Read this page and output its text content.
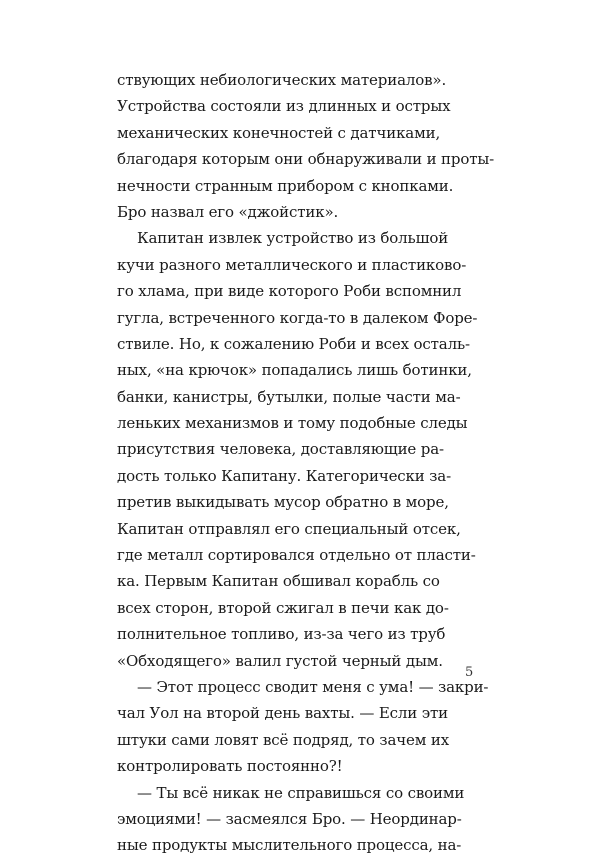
ствующих небиологических материалов».
Устройства состояли из длинных и острых
механических конечностей с датчиками,
благодаря которым они обнаруживали и проты-
нечности странным прибором с кнопками.
Бро назвал его «джойстик».
Капитан извлек устройство из большой
кучи разного металлического и пластиково-
го хлама, при виде которого Роби вспомнил
гугла, встреченного когда-то в далеком Форе-
ствиле. Но, к сожалению Роби и всех осталь-
ных, «на крючок» попадались лишь ботинки,
банки, канистры, бутылки, полые части ма-
леньких механизмов и тому подобные следы
присутствия человека, доставляющие ра-
дость только Капитану. Категорически за-
претив выкидывать мусор обратно в море,
Капитан отправлял его специальный отсек,
где металл сортировался отдельно от пласти-
ка. Первым Капитан обшивал корабль со
всех сторон, второй сжигал в печи как до-
полнительное топливо, из-за чего из труб
«Обходящего» валил густой черный дым.
— Этот процесс сводит меня с ума! — закри-
чал Уол на второй день вахты. — Если эти
штуки сами ловят всё подряд, то зачем их
контролировать постоянно?!
— Ты всё никак не справишься со своими
эмоциями! — засмеялся Бро. — Неординар-
ные продукты мыслительного процесса, на-
5
